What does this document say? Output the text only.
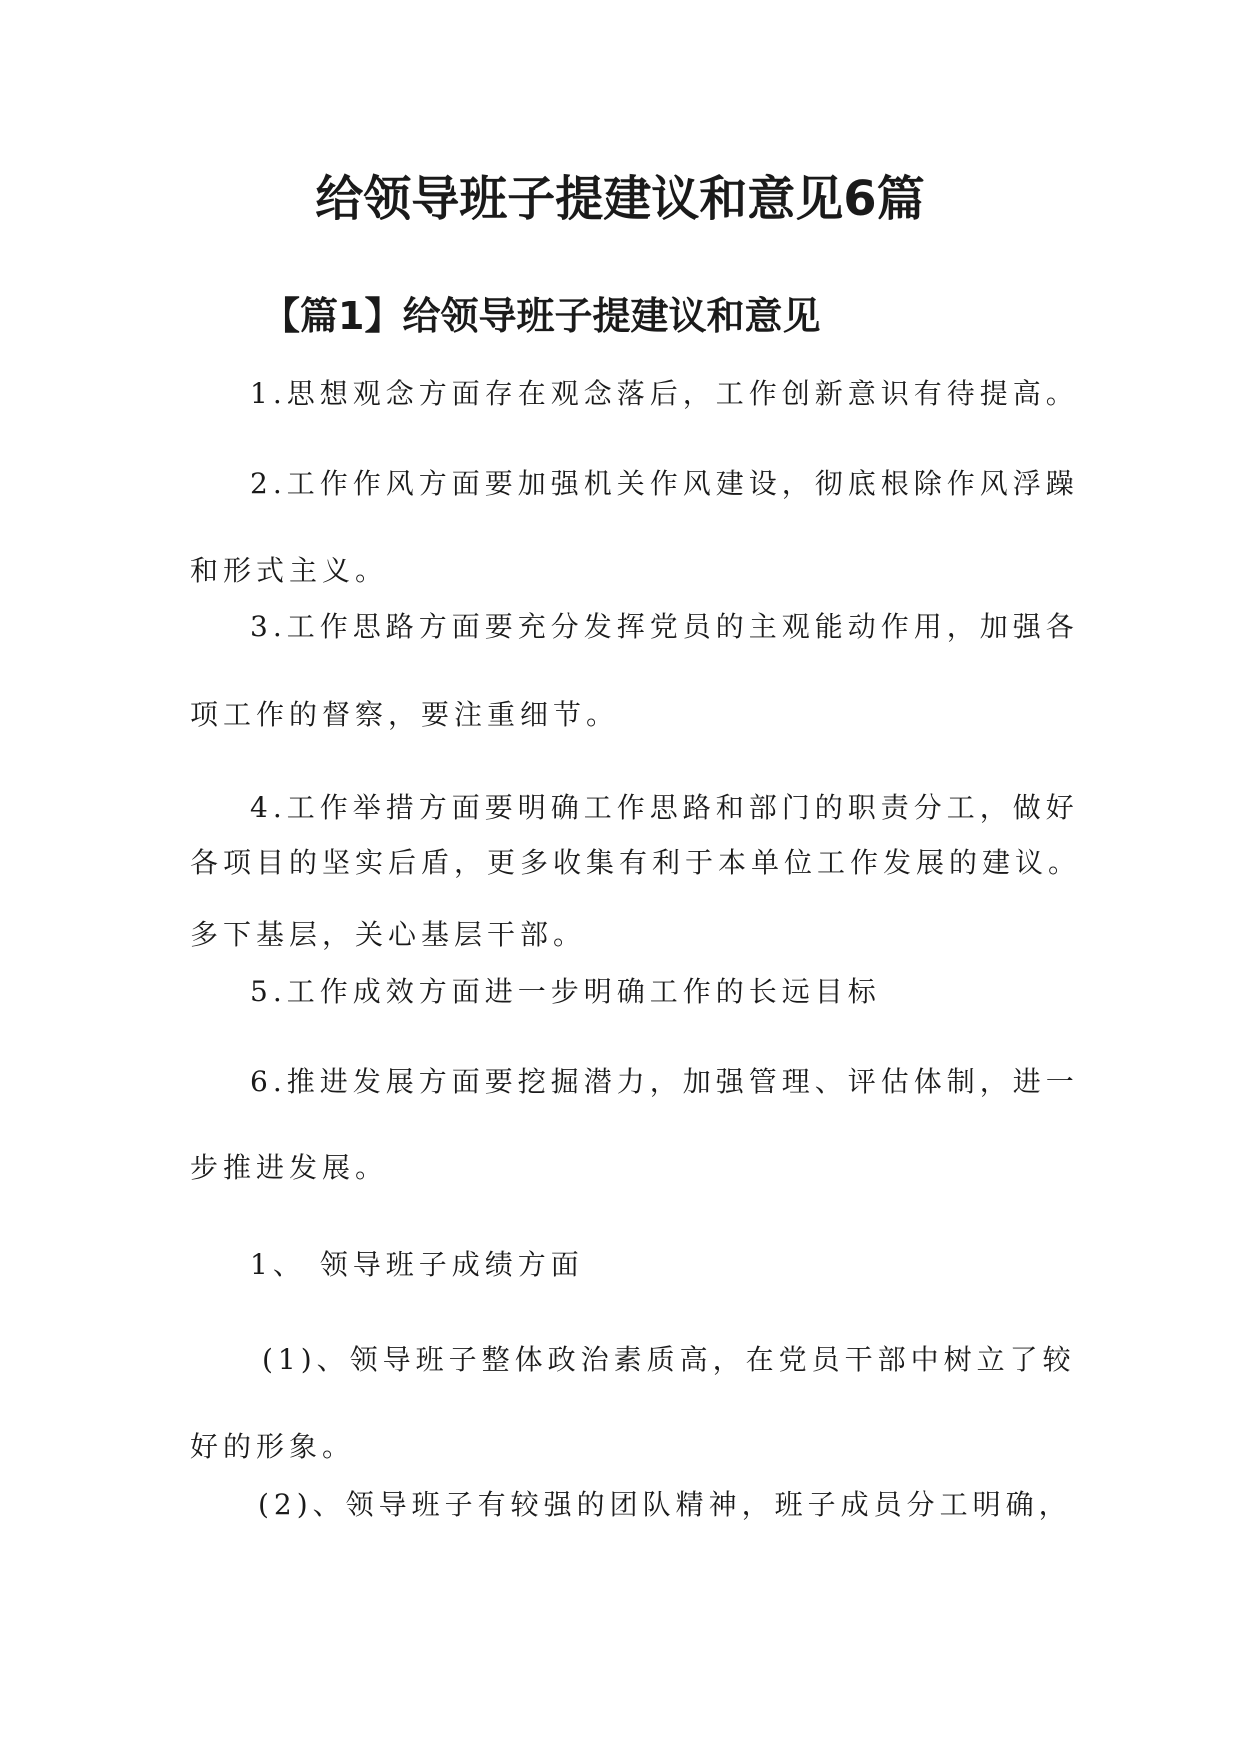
给领导班子提建议和意见6篇
【篇1】给领导班子提建议和意见
1.思想观念方面存在观念落后，工作创新意识有待提高。
2.工作作风方面要加强机关作风建设，彻底根除作风浮躁
和形式主义。
3.工作思路方面要充分发挥党员的主观能动作用，加强各
项工作的督察，要注重细节。
4.工作举措方面要明确工作思路和部门的职责分工，做好
各项目的坚实后盾，更多收集有利于本单位工作发展的建议。
多下基层，关心基层干部。
5.工作成效方面进一步明确工作的长远目标
6.推进发展方面要挖掘潜力，加强管理、评估体制，进一
步推进发展。
1、 领导班子成绩方面
(1)、领导班子整体政治素质高，在党员干部中树立了较
好的形象。
(2)、领导班子有较强的团队精神，班子成员分工明确，
